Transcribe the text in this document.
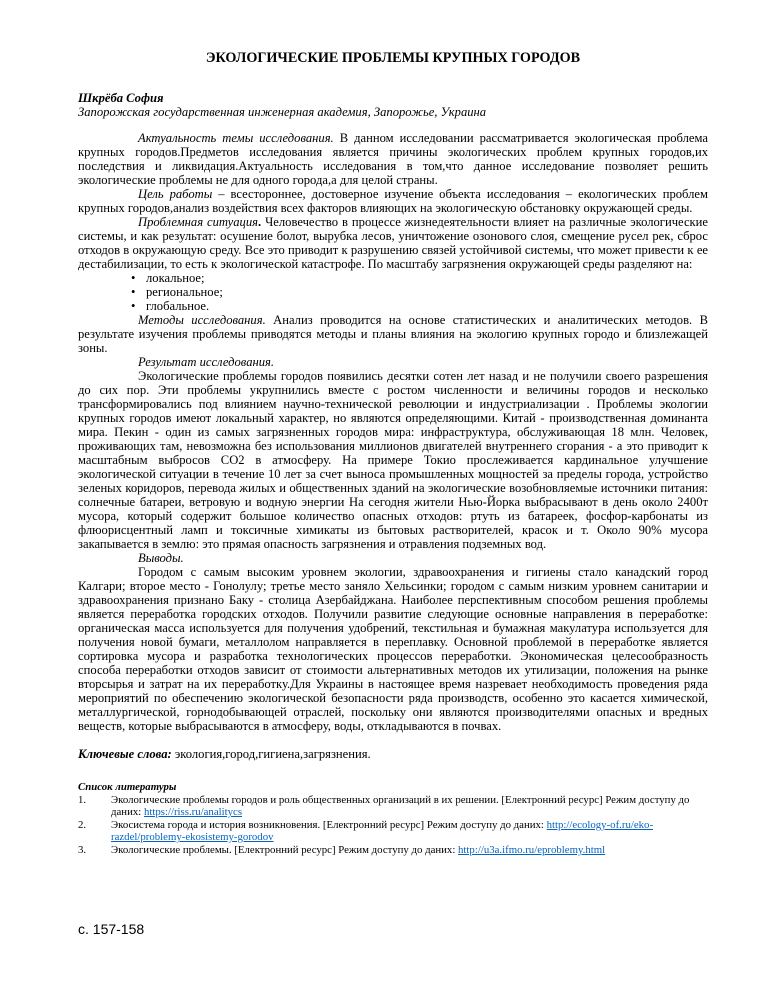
ЭКОЛОГИЧЕСКИЕ ПРОБЛЕМЫ КРУПНЫХ ГОРОДОВ
Шкрёба София
Запорожская государственная инженерная академия, Запорожье, Украина

Актуальность темы исследования. В данном исследовании рассматривается экологическая проблема крупных городов.Предметов исследования является причины экологических проблем крупных городов,их последствия и ликвидация.Актуальность исследования в том,что данное исследование позволяет решить экологические проблемы не для одного города,а для целой страны.

Цель работы – всестороннее, достоверное изучение объекта исследования – екологических проблем крупных городов,анализ воздействия всех факторов влияющих на экологическую обстановку окружающей среды.

Проблемная ситуация. Человечество в процессе жизнедеятельности влияет на различные экологические системы, и как результат: осушение болот, вырубка лесов, уничтожение озонового слоя, смещение русел рек, сброс отходов в окружающую среду. Все это приводит к разрушению связей устойчивой системы, что может привести к ее дестабилизации, то есть к экологической катастрофе. По масштабу загрязнения окружающей среды разделяют на:

• локальное;
• региональное;
• глобальное.

Методы исследования. Анализ проводится на основе статистических и аналитических методов. В результате изучения проблемы приводятся методы и планы влияния на экологию крупных городо и близлежащей зоны.

Результат исследования.

Экологические проблемы городов появились десятки сотен лет назад и не получили своего разрешения до сих пор. Эти проблемы укрупнились вместе с ростом численности и величины городов и несколько трансформировались под влиянием научно-технической революции и индустриализации . Проблемы экологии крупных городов имеют локальный характер, но являются определяющими. Китай - производственная доминанта мира. Пекин - один из самых загрязненных городов мира: инфраструктура, обслуживающая 18 млн. Человек, проживающих там, невозможна без использования миллионов двигателей внутреннего сгорания - а это приводит к масштабным выбросов СО2 в атмосферу. На примере Токио прослеживается кардинальное улучшение экологической ситуации в течение 10 лет за счет выноса промышленных мощностей за пределы города, устройство зеленых коридоров, перевода жилых и общественных зданий на экологические возобновляемые источники питания: солнечные батареи, ветровую и водную энергии На сегодня жители Нью-Йорка выбрасывают в день около 2400т мусора, который содержит большое количество опасных отходов: ртуть из батареек, фосфор-карбонаты из флюорисцентный ламп и токсичные химикаты из бытовых растворителей, красок и т. Около 90% мусора закапывается в землю: это прямая опасность загрязнения и отравления подземных вод.

Выводы.

Городом с самым высоким уровнем экологии, здравоохранения и гигиены стало канадский город Калгари; второе место - Гонолулу; третье место заняло Хельсинки; городом с самым низким уровнем санитарии и здравоохранения признано Баку - столица Азербайджана. Наиболее перспективным способом решения проблемы является переработка городских отходов. Получили развитие следующие основные направления в переработке: органическая масса используется для получения удобрений, текстильная и бумажная макулатура используется для получения новой бумаги, металлолом направляется в переплавку. Основной проблемой в переработке является сортировка мусора и разработка технологических процессов переработки. Экономическая целесообразность способа переработки отходов зависит от стоимости альтернативных методов их утилизации, положения на рынке вторсырья и затрат на их переработку.Для Украины в настоящее время назревает необходимость проведения ряда мероприятий по обеспечению экологической безопасности ряда производств, особенно это касается химической, металлургической, горнодобывающей отраслей, поскольку они являются производителями опасных и вредных веществ, которые выбрасываются в атмосферу, воды, откладываются в почвах.

Ключевые слова: экология,город,гигиена,загрязнения.
Список литературы
1. Экологические проблемы городов и роль общественных организаций в их решении. [Електронний ресурс] Режим доступу до даних: https://riss.ru/analitycs
2. Экосистема города и история возникновения. [Електронний ресурс] Режим доступу до даних: http://ecology-of.ru/eko-razdel/problemy-ekosistemy-gorodov
3. Экологические проблемы. [Електронний ресурс] Режим доступу до даних: http://u3a.ifmo.ru/eproblemy.html
с. 157-158
